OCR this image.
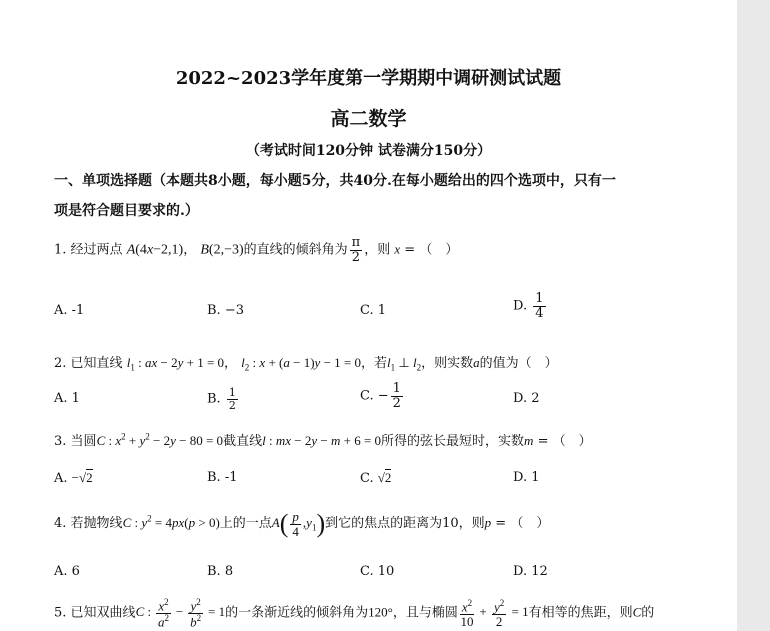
2022~2023学年度第一学期期中调研测试试题
高二数学
（考试时间120分钟 试卷满分150分）
一、单项选择题（本题共8小题，每小题5分，共40分.在每小题给出的四个选项中，只有一
项是符合题目要求的.）
1. 经过两点 A(4x−2,1)， B(2,−3)的直线的倾斜角为 $\frac{\pi}{2}$ ，则 x = （　）
A. -1	B. −3	C. 1	D. $\frac{1}{4}$
2. 已知直线 $l_1$ : ax − 2y + 1 = 0， $l_2$ : x + (a − 1)y − 1 = 0，若$l_1$ ⊥ $l_2$，则实数a的值为（　）
A. 1	B. $\frac{1}{2}$	C. − $\frac{1}{2}$	D. 2
3. 当圆C : $x^2 + y^2 - 2y - 80 = 0$截直线l : mx − 2y − m + 6 = 0所得的弦长最短时，实数m = （　）
A. −√2	B. -1	C. √2	D. 1
4. 若抛物线C : $y^2 = 4px(p > 0)$上的一点$A( \frac{p}{4} ,y_1)$到它的焦点的距离为10，则p = （　）
A. 6	B. 8	C. 10	D. 12
5. 已知双曲线C : $\frac{x^2}{a^2} - \frac{y^2}{b^2} = 1$的一条渐近线的倾斜角为120°，且与椭圆 $\frac{x^2}{10} + \frac{y^2}{2} = 1$有相等的焦距，则C的
